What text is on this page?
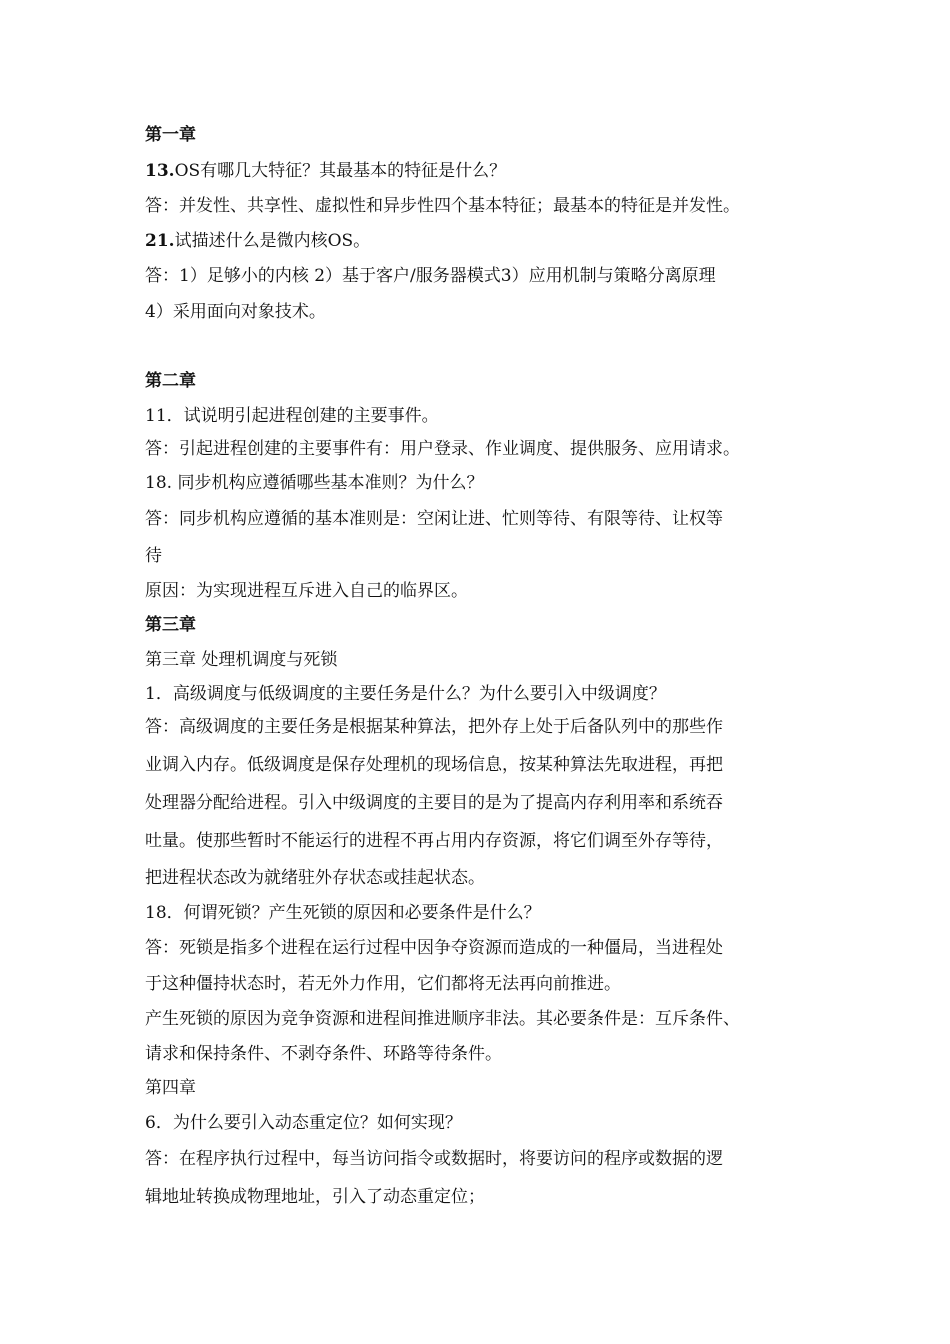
第一章
13.OS有哪几大特征？其最基本的特征是什么？
答：并发性、共享性、虚拟性和异步性四个基本特征；最基本的特征是并发性。
21.试描述什么是微内核OS。
答：1）足够小的内核 2）基于客户/服务器模式3）应用机制与策略分离原理
4）采用面向对象技术。
第二章
11．试说明引起进程创建的主要事件。
答：引起进程创建的主要事件有：用户登录、作业调度、提供服务、应用请求。
18. 同步机构应遵循哪些基本准则？为什么？
答：同步机构应遵循的基本准则是：空闲让进、忙则等待、有限等待、让权等
待
原因：为实现进程互斥进入自己的临界区。
第三章
第三章 处理机调度与死锁
1．高级调度与低级调度的主要任务是什么？为什么要引入中级调度？
答：高级调度的主要任务是根据某种算法，把外存上处于后备队列中的那些作
业调入内存。低级调度是保存处理机的现场信息，按某种算法先取进程，再把
处理器分配给进程。引入中级调度的主要目的是为了提高内存利用率和系统吞
吐量。使那些暂时不能运行的进程不再占用内存资源，将它们调至外存等待，
把进程状态改为就绪驻外存状态或挂起状态。
18．何谓死锁？产生死锁的原因和必要条件是什么？
答：死锁是指多个进程在运行过程中因争夺资源而造成的一种僵局，当进程处
于这种僵持状态时，若无外力作用，它们都将无法再向前推进。
产生死锁的原因为竞争资源和进程间推进顺序非法。其必要条件是：互斥条件、
请求和保持条件、不剥夺条件、环路等待条件。
第四章
6．为什么要引入动态重定位？如何实现？
答：在程序执行过程中，每当访问指令或数据时，将要访问的程序或数据的逻
辑地址转换成物理地址，引入了动态重定位；
